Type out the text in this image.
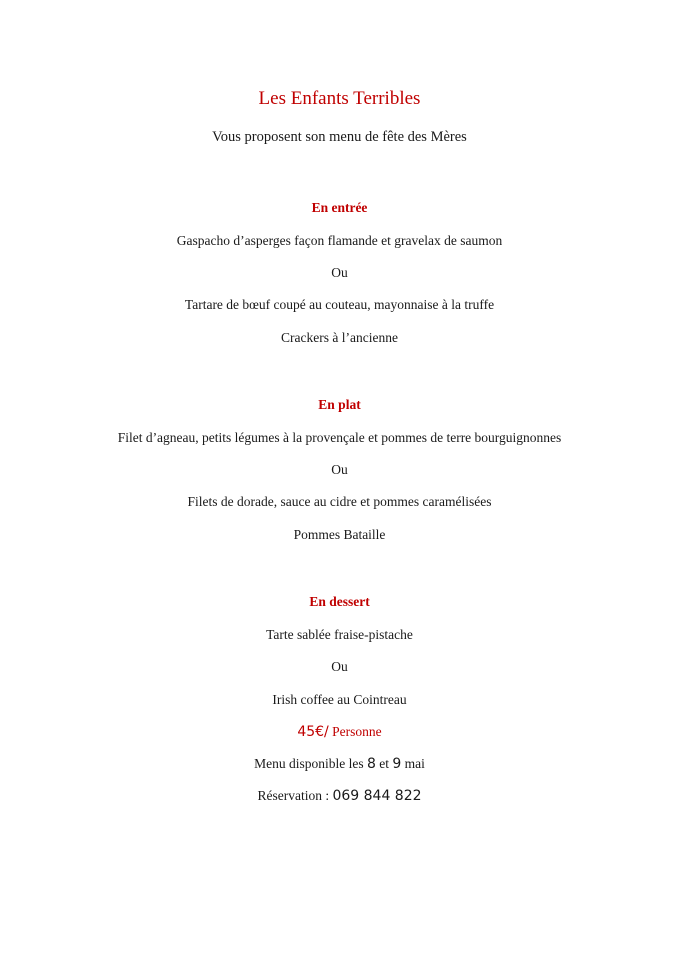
Les Enfants Terribles
Vous proposent son menu de fête des Mères
En entrée
Gaspacho d’asperges façon flamande et gravelax de saumon
Ou
Tartare de bœuf coupé au couteau, mayonnaise à la truffe
Crackers à l’ancienne
En plat
Filet d’agneau, petits légumes à la provençale et pommes de terre bourguignonnes
Ou
Filets de dorade, sauce au cidre et pommes caramélisées
Pommes Bataille
En dessert
Tarte sablée fraise-pistache
Ou
Irish coffee au Cointreau
45€/ Personne
Menu disponible les 8 et 9 mai
Réservation : 069 844 822
